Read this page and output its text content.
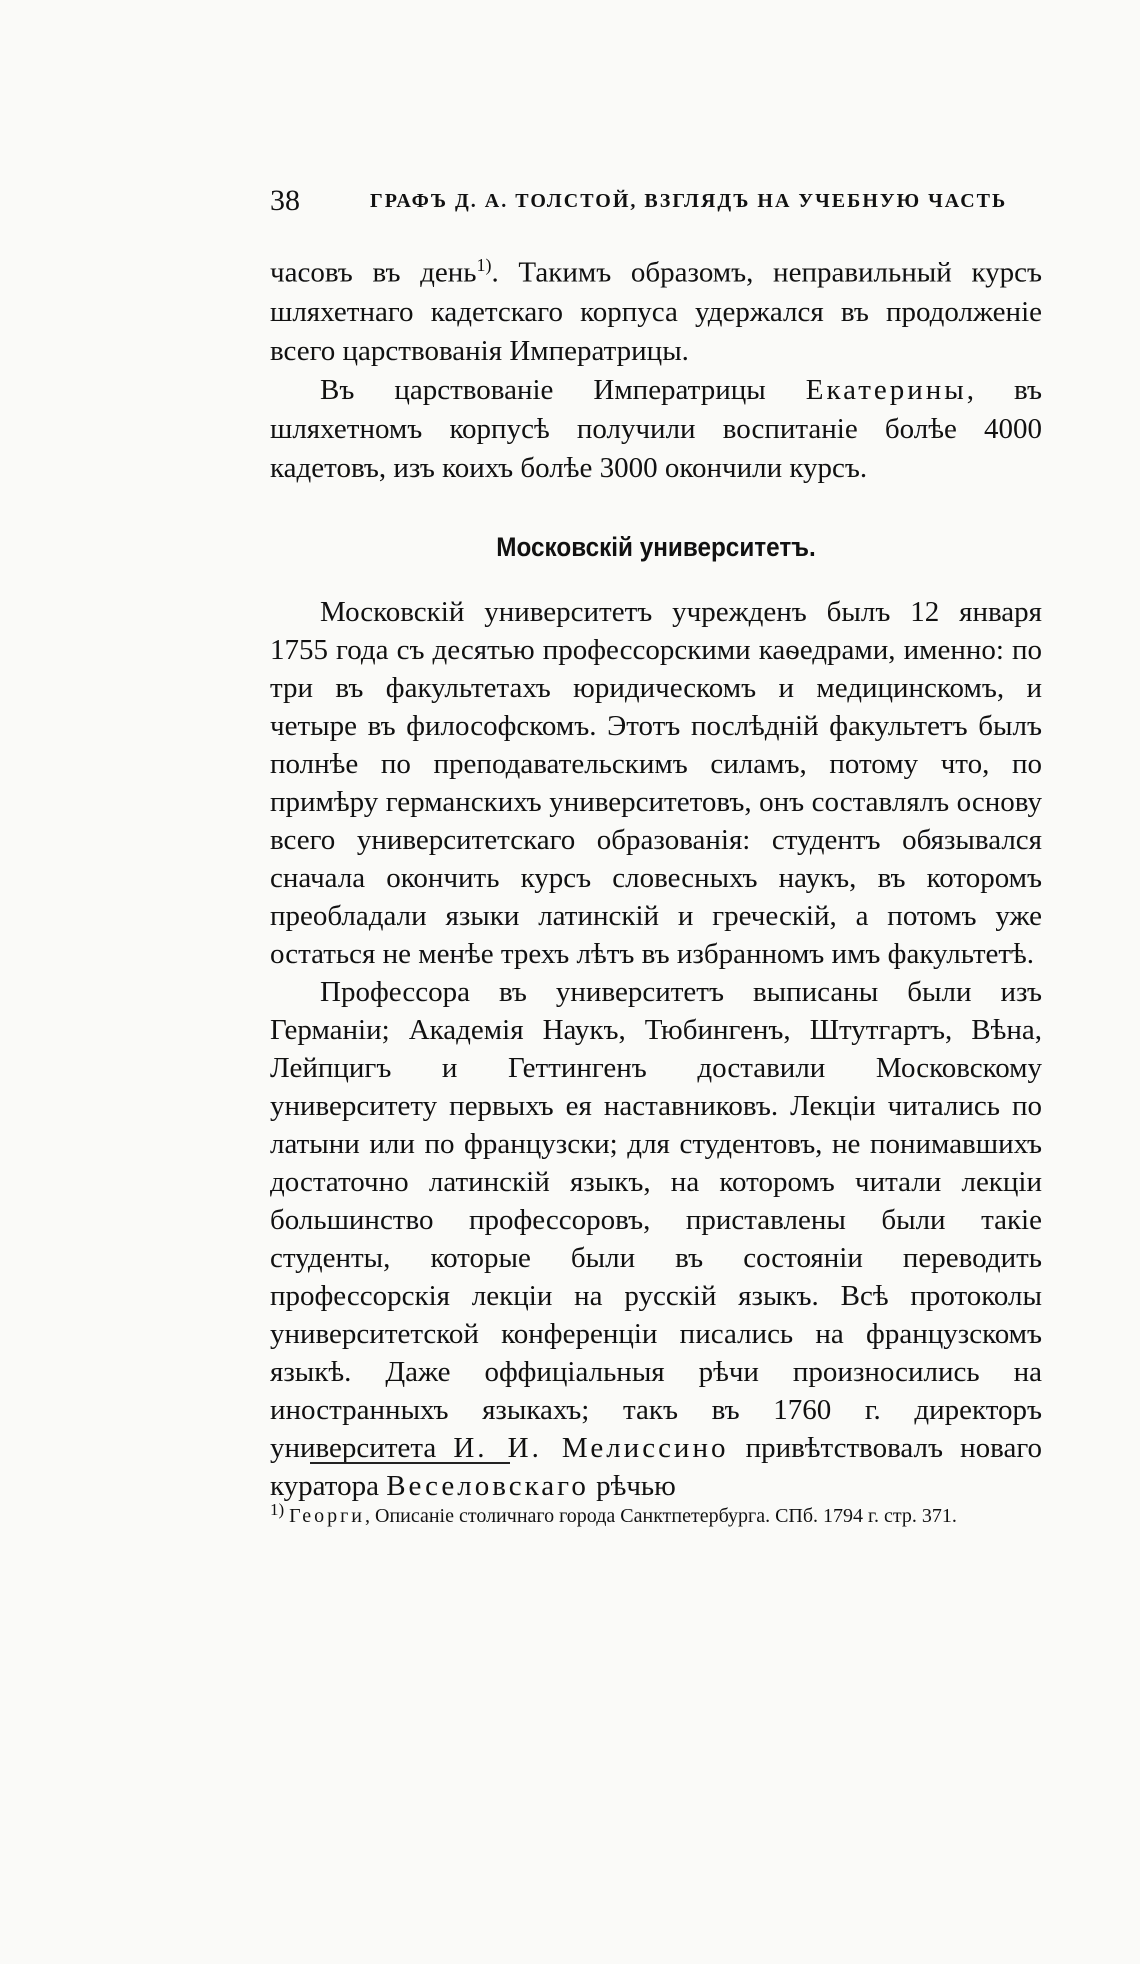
38	ГРАФЪ Д. А. ТОЛСТОЙ, ВЗГЛЯДЪ НА УЧЕБНУЮ ЧАСТЬ

часовъ въ день$^{1)}$. Такимъ образомъ, неправильный курсъ шляхетнаго кадетскаго корпуса удержался въ продолженіе всего царствованія Императрицы.

Въ царствованіе Императрицы Екатерины, въ шляхетномъ корпусѣ получили воспитаніе болѣе 4000 кадетовъ, изъ коихъ болѣе 3000 окончили курсъ.

Московскій университетъ.

Московскій университетъ учрежденъ былъ 12 января 1755 года съ десятью профессорскими каѳедрами, именно: по три въ факультетахъ юридическомъ и медицинскомъ, и четыре въ философскомъ. Этотъ послѣдній факультетъ былъ полнѣе по преподавательскимъ силамъ, потому что, по примѣру германскихъ университетовъ, онъ составлялъ основу всего университетскаго образованія: студентъ обязывался сначала окончить курсъ словесныхъ наукъ, въ которомъ преобладали языки латинскій и греческій, а потомъ уже остаться не менѣе трехъ лѣтъ въ избранномъ имъ факультетѣ.

Профессора въ университетъ выписаны были изъ Германіи; Академія Наукъ, Тюбингенъ, Штутгартъ, Вѣна, Лейпцигъ и Геттингенъ доставили Московскому университету первыхъ ея наставниковъ. Лекціи читались по латыни или по французски; для студентовъ, не понимавшихъ достаточно латинскій языкъ, на которомъ читали лекціи большинство профессоровъ, приставлены были такіе студенты, которые были въ состояніи переводить профессорскія лекціи на русскій языкъ. Всѣ протоколы университетской конференціи писались на французскомъ языкѣ. Даже оффиціальныя рѣчи произносились на иностранныхъ языкахъ; такъ въ 1760 г. директоръ университета И. И. Мелиссино привѣтствовалъ новаго куратора Веселовскаго рѣчью

$^{1)}$ Георги, Описаніе столичнаго города Санктпетербурга. СПб. 1794 г. стр. 371.
